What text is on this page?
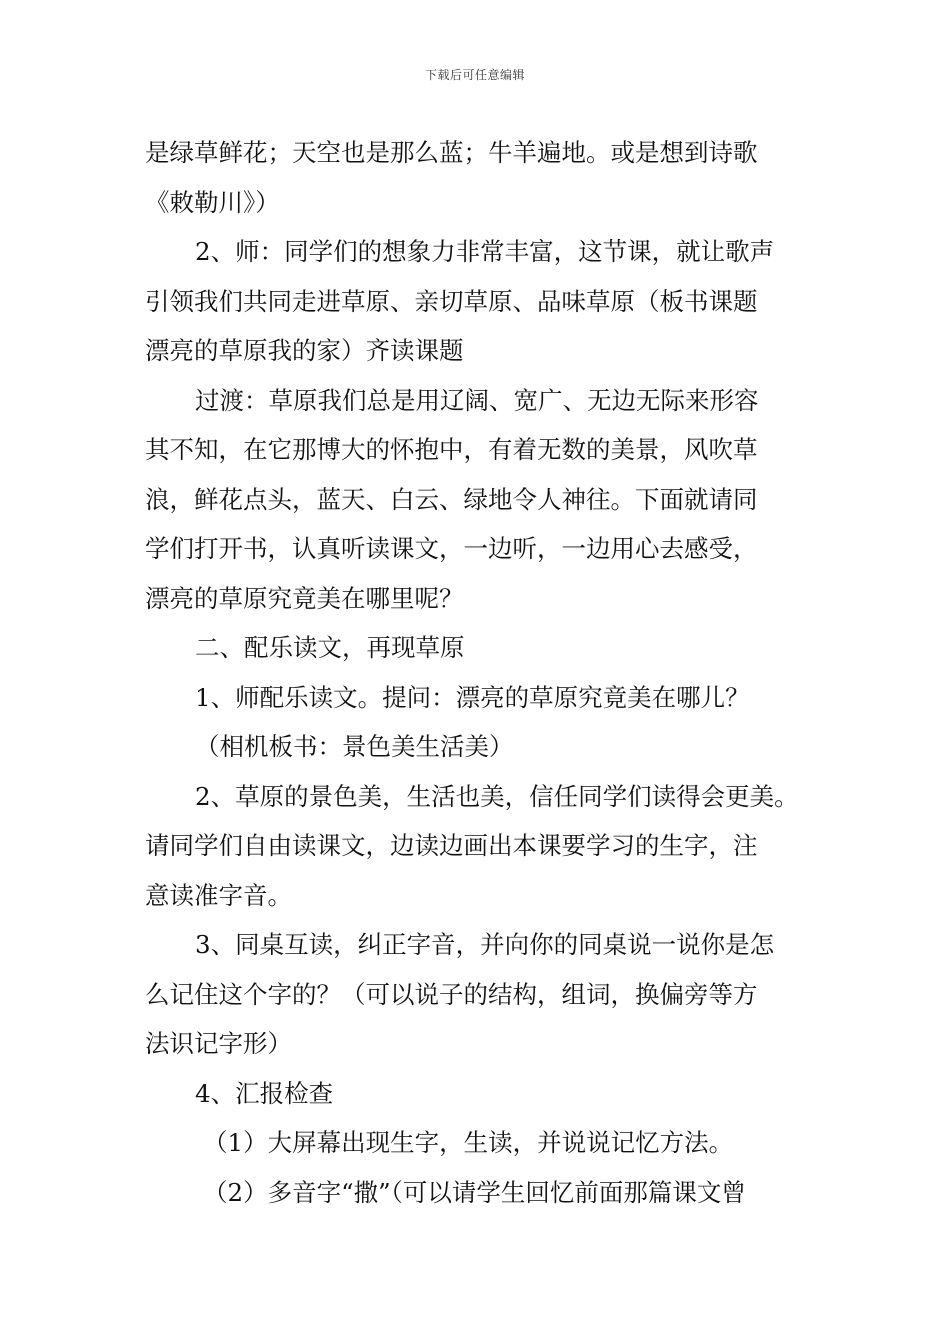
下载后可任意编辑
是绿草鲜花；天空也是那么蓝；牛羊遍地。或是想到诗歌
《敕勒川》）
2、师：同学们的想象力非常丰富，这节课，就让歌声
引领我们共同走进草原、亲切草原、品味草原（板书课题
漂亮的草原我的家）齐读课题
过渡：草原我们总是用辽阔、宽广、无边无际来形容
其不知，在它那博大的怀抱中，有着无数的美景，风吹草
浪，鲜花点头，蓝天、白云、绿地令人神往。下面就请同
学们打开书，认真听读课文，一边听，一边用心去感受，
漂亮的草原究竟美在哪里呢？
二、配乐读文，再现草原
1、师配乐读文。提问：漂亮的草原究竟美在哪儿？
（相机板书：景色美生活美）
2、草原的景色美，生活也美，信任同学们读得会更美。
请同学们自由读课文，边读边画出本课要学习的生字，注
意读准字音。
3、同桌互读，纠正字音，并向你的同桌说一说你是怎
么记住这个字的？（可以说子的结构，组词，换偏旁等方
法识记字形）
4、汇报检查
（1）大屏幕出现生字，生读，并说说记忆方法。
（2）多音字“撒”（可以请学生回忆前面那篇课文曾
